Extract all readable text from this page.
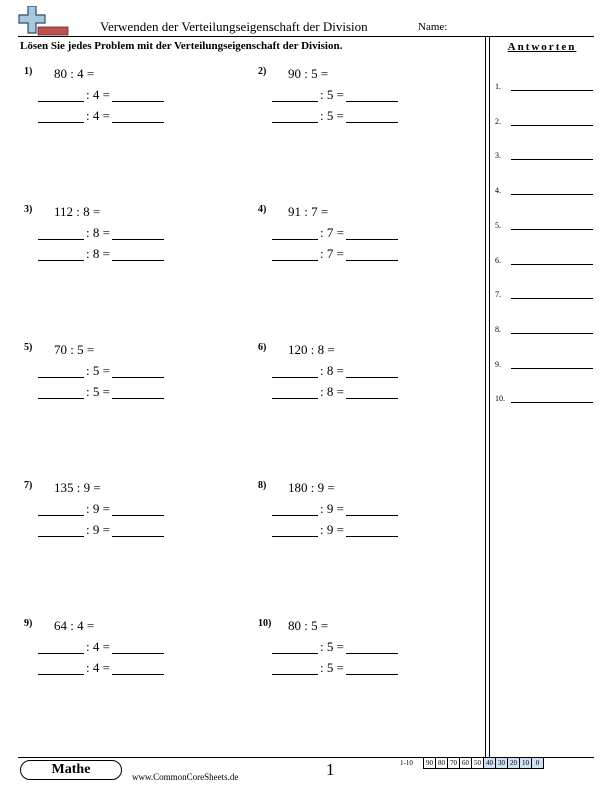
Verwenden der Verteilungseigenschaft der Division	Name:
Lösen Sie jedes Problem mit der Verteilungseigenschaft der Division.	Antworten
1.
2.
3.
4.
5.
6.
7.
8.
9.
10.
1) 80 : 4 =
: 4 =
: 4 =
2) 90 : 5 =
: 5 =
: 5 =
3) 112 : 8 =
: 8 =
: 8 =
4) 91 : 7 =
: 7 =
: 7 =
5) 70 : 5 =
: 5 =
: 5 =
6) 120 : 8 =
: 8 =
: 8 =
7) 135 : 9 =
: 9 =
: 9 =
8) 180 : 9 =
: 9 =
: 9 =
9) 64 : 4 =
: 4 =
: 4 =
10) 80 : 5 =
: 5 =
: 5 =
Mathe	www.CommonCoreSheets.de	1	1-10 90	80	70	60	50	40	30	20	10	0
